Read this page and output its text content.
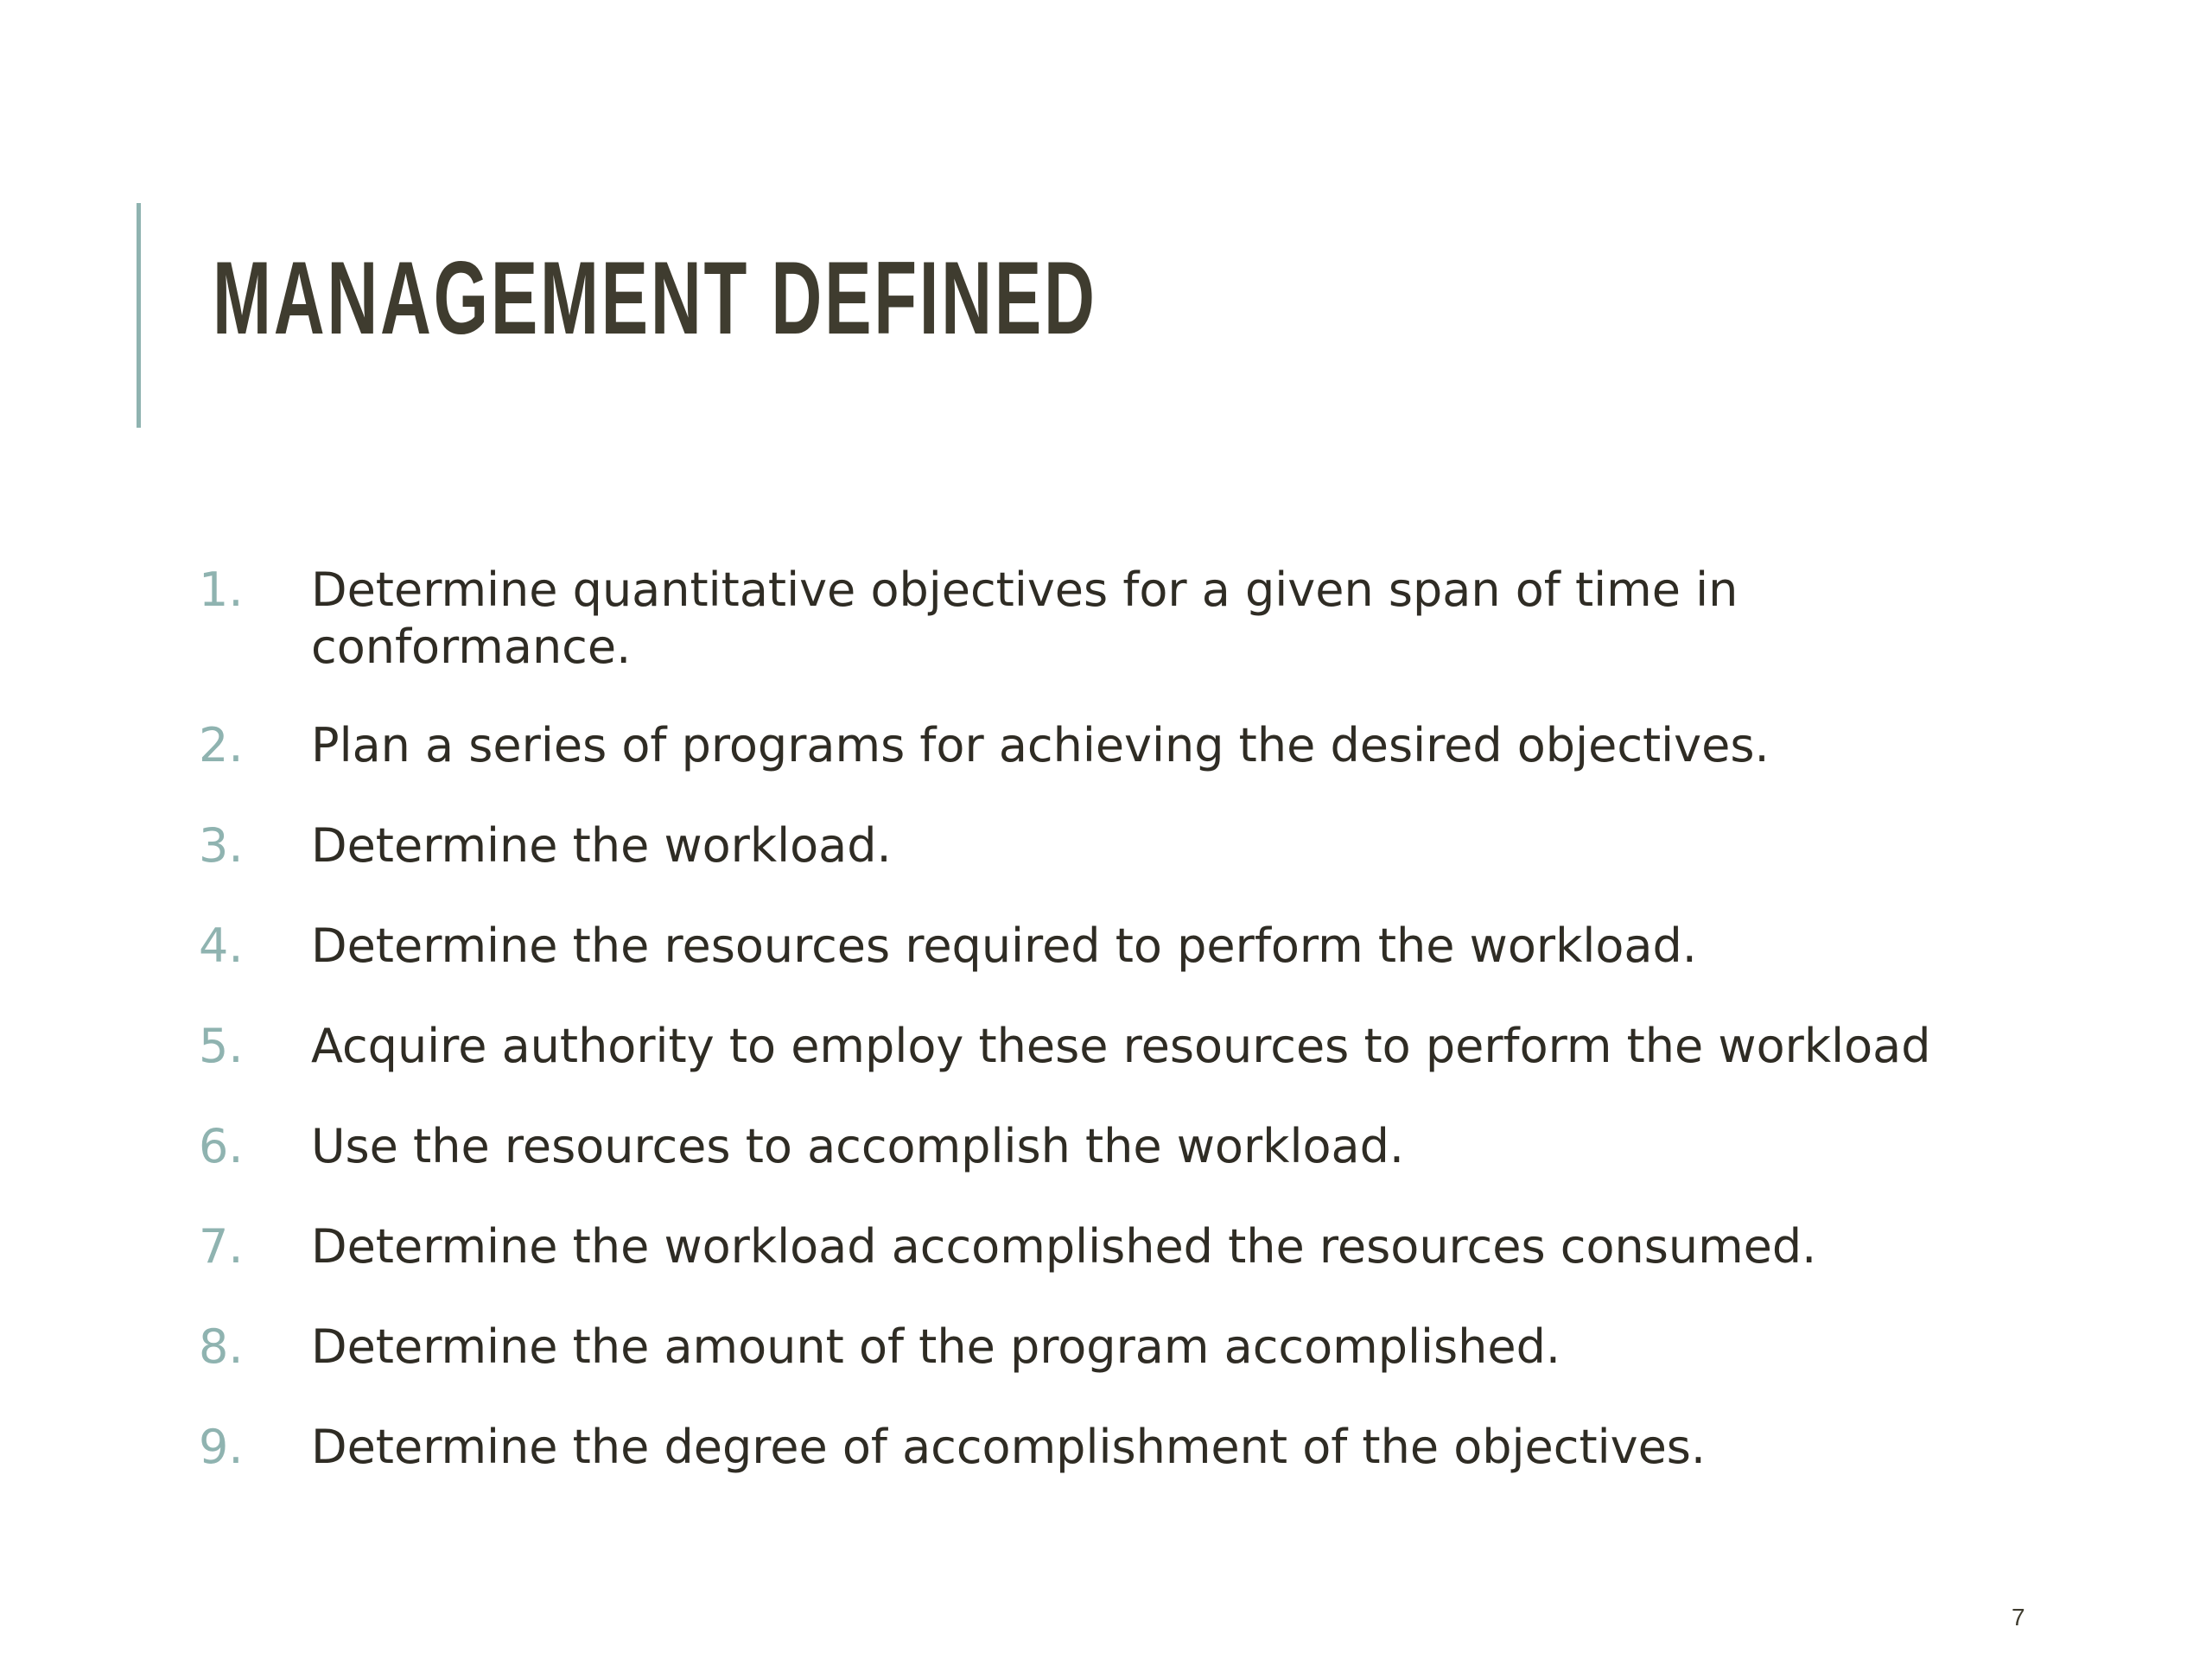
MANAGEMENT DEFINED
1. Determine quantitative objectives for a given span of time in conformance.
2. Plan a series of programs for achieving the desired objectives.
3. Determine the workload.
4. Determine the resources required to perform the workload.
5. Acquire authority to employ these resources to perform the workload
6. Use the resources to accomplish the workload.
7. Determine the workload accomplished the resources consumed.
8. Determine the amount of the program accomplished.
9. Determine the degree of accomplishment of the objectives.
7
